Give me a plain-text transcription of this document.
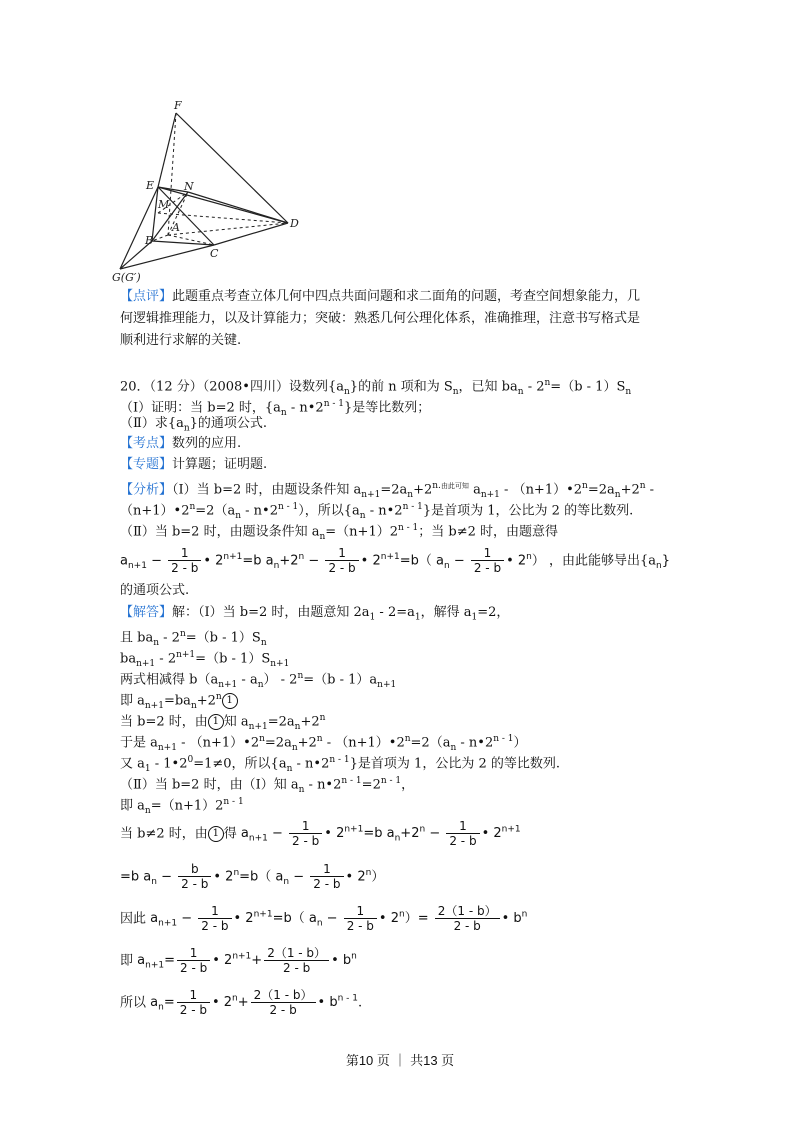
F
E	N
M
A
B
C
D
G(G′)
【点评】此题重点考查立体几何中四点共面问题和求二面角的问题，考查空间想象能力，几
何逻辑推理能力，以及计算能力；突破：熟悉几何公理化体系，准确推理，注意书写格式是
顺利进行求解的关键.
20．（12 分）（2008•四川）设数列$\{a_n\}$的前 n 项和为 $S_n$，已知 $ba_n - 2^n=(b - 1)S_n$
（Ⅰ）证明：当 b=2 时，{$a_n$ - n•2$^{n - 1}$}是等比数列；
（Ⅱ）求$\{a_n\}$的通项公式.
【考点】数列的应用.
【专题】计算题；证明题.
【分析】（Ⅰ）当 b=2 时，由题设条件知 $a_{n+1}=2a_n+2^{n.由此可知}$ $a_{n+1}$ - $(n+1)•2^n=2a_n+2^n$ -
$(n+1)•2^n=2(a_n$ - n•2$^{n - 1}$），所以{$a_n$ - n•2$^{n - 1}$}是首项为 1，公比为 2 的等比数列.
（Ⅱ）当 b=2 时，由题设条件知 $a_n=(n+1)2^{n - 1}$；当 b≠2 时，由题意得
$a_{n+1} - \frac{1}{2 - b}$ • $2^{n+1}=b$ $a_n+2^n - \frac{1}{2 - b}$ • $2^{n+1}=b$（ $a_n - \frac{1}{2 - b}$ • 2$^n$） ，由此能够导出$\{a_n\}$
的通项公式.
【解答】解：（Ⅰ）当 b=2 时，由题意知 $2a_1 - 2=a_1$，解得 $a_1=2$，
且 $ba_n - 2^n=(b - 1)S_n$
$ba_{n+1} - 2^{n+1}=(b - 1)S_{n+1}$
两式相减得 $b(a_{n+1} - a_n) - 2^n=(b - 1)a_{n+1}$
即 $a_{n+1}=ba_n+2^n$ 1
当 b=2 时，由 1 知 $a_{n+1}=2a_n+2^n$
于是 $a_{n+1}$ - $(n+1)•2^n=2a_n+2^n$ - $(n+1)•2^n=2(a_n$ - n•2$^{n - 1}$）
又 $a_1$ - $1•2^0=1\ne 0$，所以{$a_n$ - n•2$^{n - 1}$}是首项为 1，公比为 2 的等比数列.
（Ⅱ）当 b=2 时，由（Ⅰ）知 $a_n$ - $n•2^{n - 1}=2^{n - 1}$，
即 $a_n=(n+1)2^{n - 1}$
当 b≠2 时，由 1 得 $a_{n+1} - \frac{1}{2 - b}$ • $2^{n+1}=b$ $a_n+2^n - \frac{1}{2 - b}$ • $2^{n+1}$
=b $a_n - \frac{b}{2 - b}$ • $2^n=b$（ $a_n - \frac{1}{2 - b}$ • 2$^n$）
因此 $a_{n+1} - \frac{1}{2 - b}$ • $2^{n+1}=b$（ $a_n - \frac{1}{2 - b}$ • $2^n)= \frac{2(1 - b)}{2 - b}$ • $b^n$
即 $a_{n+1}= \frac{1}{2 - b}$ • $2^{n+1}+ \frac{2(1 - b)}{2 - b}$ • $b^n$
所以 $a_n= \frac{1}{2 - b}$ • $2^n+ \frac{2(1 - b)}{2 - b}$ • $b^{n - 1}$.
第10 页 ｜ 共13 页
